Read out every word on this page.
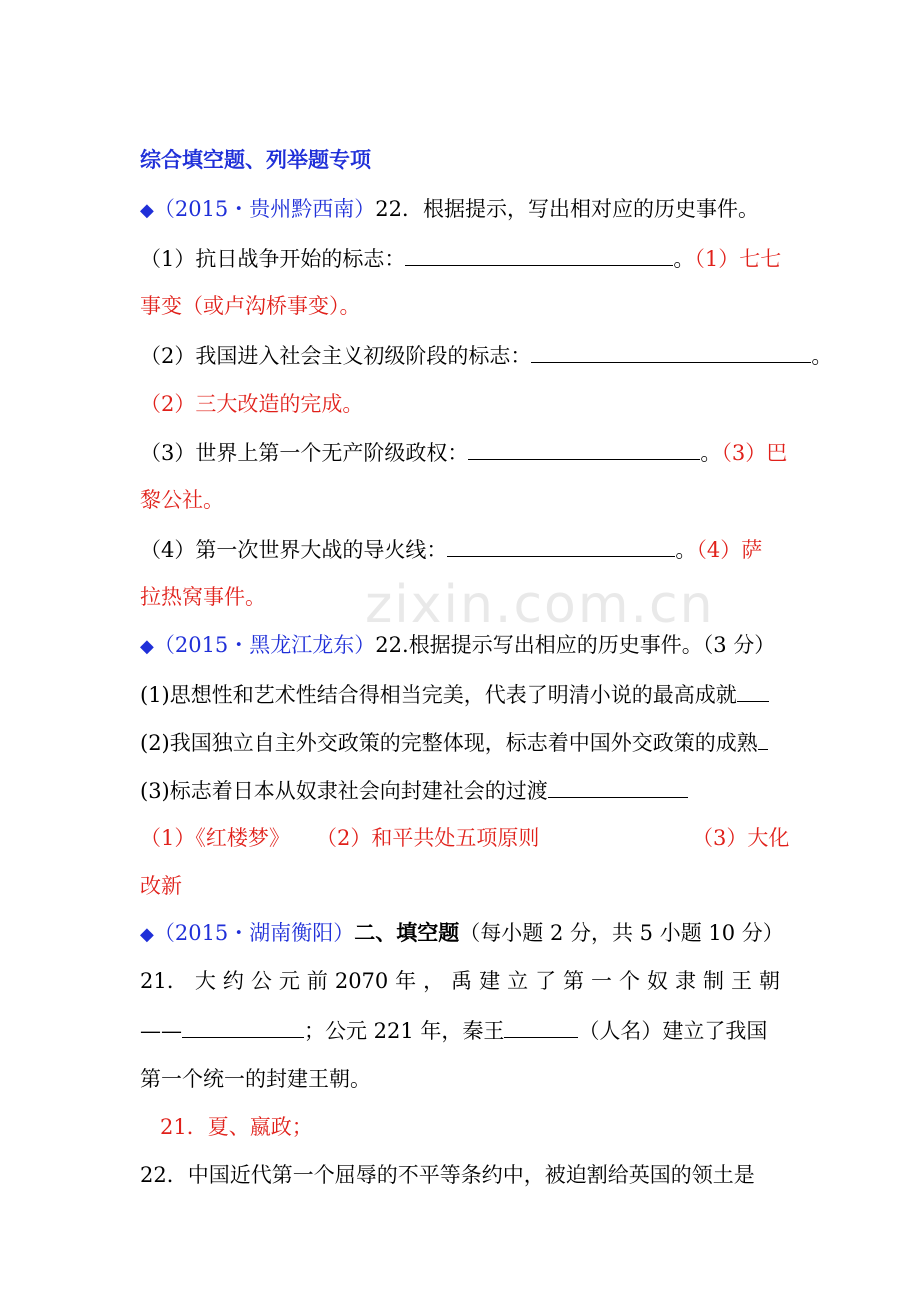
zixin.com.cn
综合填空题、列举题专项
◆（2015・贵州黔西南）22．根据提示，写出相对应的历史事件。
（1）抗日战争开始的标志：	。（1）七七
事变（或卢沟桥事变）。
（2）我国进入社会主义初级阶段的标志：	。
（2）三大改造的完成。
（3）世界上第一个无产阶级政权：	。（3）巴
黎公社。
（4）第一次世界大战的导火线：	。（4）萨
拉热窝事件。
◆（2015・黑龙江龙东）22.根据提示写出相应的历史事件。（3 分）
(1)思想性和艺术性结合得相当完美，代表了明清小说的最高成就
(2)我国独立自主外交政策的完整体现，标志着中国外交政策的成熟
(3)标志着日本从奴隶社会向封建社会的过渡
（1）《红楼梦》 （2）和平共处五项原则	（3）大化
改新
◆（2015・湖南衡阳）二、填空题（每小题 2 分，共 5 小题 10 分）
21． 大 约 公 元 前 2070 年 ， 禹 建 立 了 第 一 个 奴 隶 制 王 朝
——	；公元 221 年，秦王	（人名）建立了我国
第一个统一的封建王朝。
21．夏、嬴政；
22．中国近代第一个屈辱的不平等条约中，被迫割给英国的领土是
